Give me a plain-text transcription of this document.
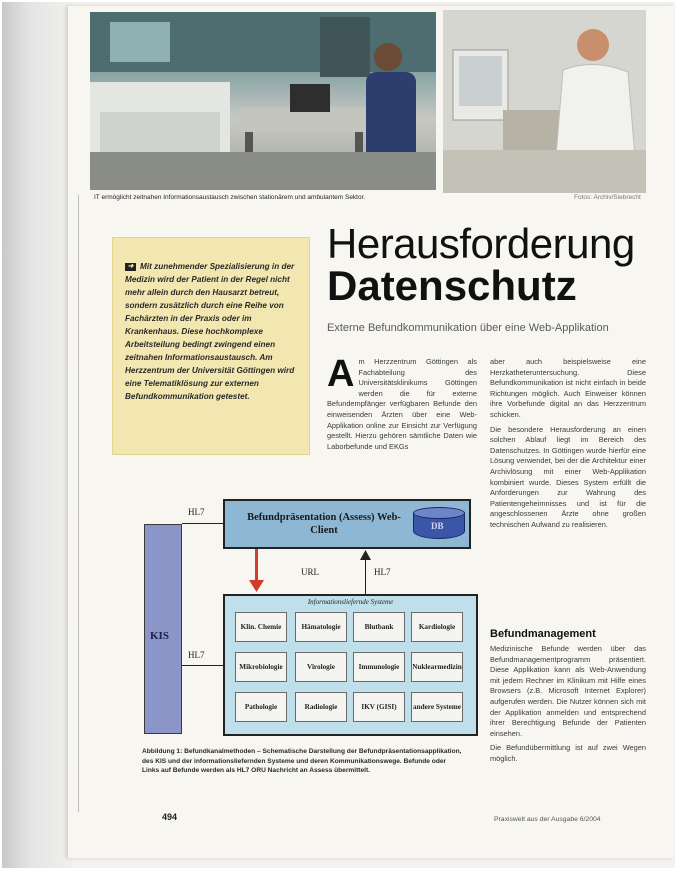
IT ermöglicht zeitnahen Informationsaustausch zwischen stationärem und ambulantem Sektor.	Fotos: Archiv/Siebrecht
Herausforderung
Datenschutz
Externe Befundkommunikation über eine Web-Applikation

➜ Mit zunehmender Spezialisierung in der Medizin wird der Patient in der Regel nicht mehr allein durch den Hausarzt betreut, sondern zusätzlich durch eine Reihe von Fachärzten in der Praxis oder im Krankenhaus. Diese hochkomplexe Arbeitsteilung bedingt zwingend einen zeitnahen Informationsaustausch. Am Herzzentrum der Universität Göttingen wird eine Telematiklösung zur externen Befundkommunikation getestet.

Am Herzzentrum Göttingen als Fachabteilung des Universitätsklinikums Göttingen werden die für externe Befundempfänger verfügbaren Befunde den einweisenden Ärzten über eine Web-Applikation online zur Einsicht zur Verfügung gestellt. Hierzu gehören sämtliche Daten wie Laborbefunde und EKGs

aber auch beispielsweise eine Herzkatheteruntersuchung. Diese Befundkommunikation ist nicht einfach in beide Richtungen möglich. Auch Einweiser können ihre Vorbefunde digital an das Herzzentrum schicken.

Die besondere Herausforderung an einen solchen Ablauf liegt im Bereich des Datenschutzes. In Göttingen wurde hierfür eine Lösung verwendet, bei der die Architektur einer Archivlösung mit einer Web-Applikation kombiniert wurde. Dieses System erfüllt die Anforderungen zur Wahrung des Patientengeheimnisses und ist für die angeschlossenen Ärzte ohne großen technischen Aufwand zu realisieren.

Befundmanagement

Medizinische Befunde werden über das Befundmanagementprogramm präsentiert. Diese Applikation kann als Web-Anwendung mit jedem Rechner im Klinikum mit Hilfe eines Browsers (z.B. Microsoft Internet Explorer) aufgerufen werden. Die Nutzer können sich mit der Applikation anmelden und entsprechend ihrer Berechtigung Befunde der Patienten einsehen.

Die Befundübermittlung ist auf zwei Wegen möglich.

KIS
HL7	Befundpräsentation (Assess) Web-Client	DB
URL	HL7
HL7
Informationsliefernde Systeme
Klin. Chemie	Hämatologie	Blutbank	Kardiologie
Mikrobiologie	Virologie	Immunologie	Nuklearmedizin
Pathologie	Radiologie	IKV (GISI)	andere Systeme
Abbildung 1: Befundkanalmethoden – Schematische Darstellung der Befundpräsentationsapplikation, des KIS und der informationsliefernden Systeme und deren Kommunikationswege. Befunde oder Links auf Befunde werden als HL7 ORU Nachricht an Assess übermittelt.
494	Praxiswelt aus der Ausgabe 6/2004
